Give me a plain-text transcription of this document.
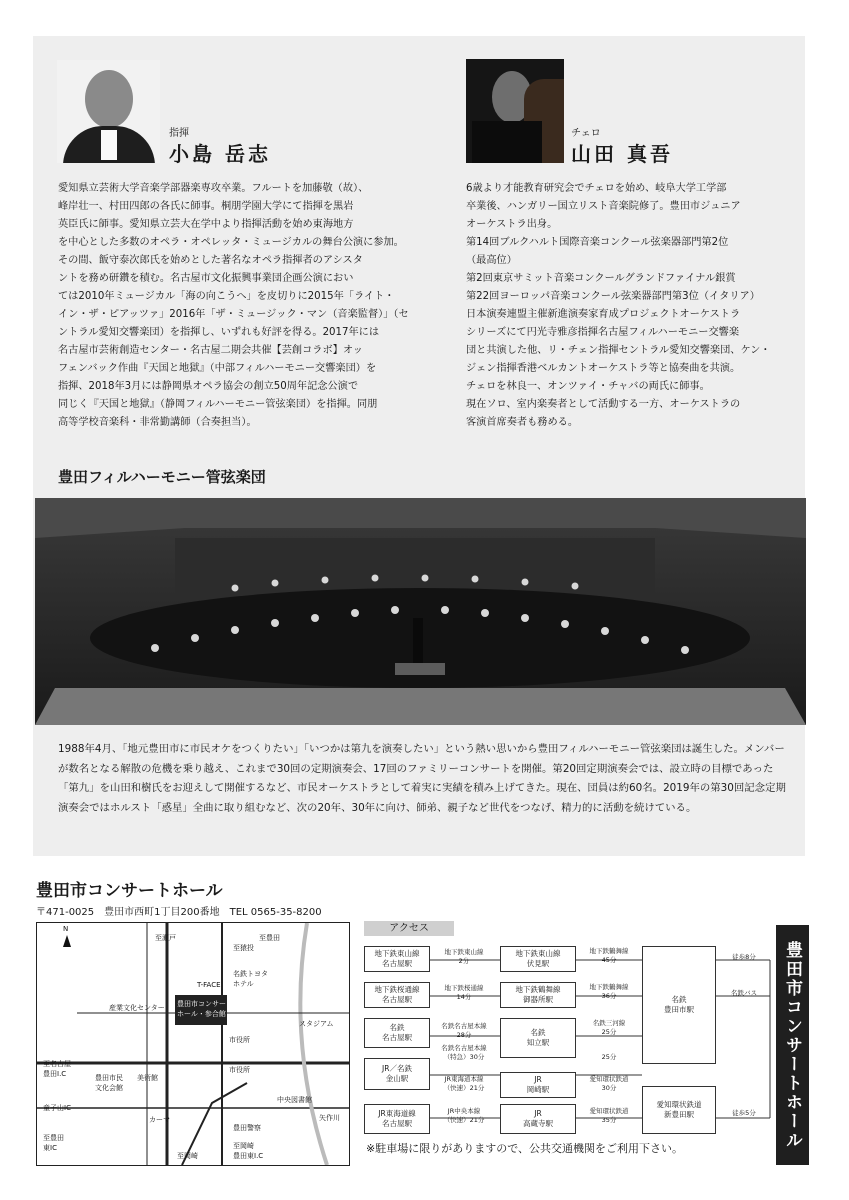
指揮
小島 岳志
チェロ
山田 真吾

愛知県立芸術大学音楽学部器楽専攻卒業。フルートを加藤敬（故）、

峰岸壮一、村田四郎の各氏に師事。桐朋学園大学にて指揮を黒岩

英臣氏に師事。愛知県立芸大在学中より指揮活動を始め東海地方

を中心とした多数のオペラ・オペレッタ・ミュージカルの舞台公演に参加。

その間、飯守泰次郎氏を始めとした著名なオペラ指揮者のアシスタ

ントを務め研鑽を積む。名古屋市文化振興事業団企画公演におい

ては2010年ミュージカル「海の向こうへ」を皮切りに2015年「ライト・

イン・ザ・ピアッツァ」2016年「ザ・ミュージック・マン（音楽監督）」（セ

ントラル愛知交響楽団）を指揮し、いずれも好評を得る。2017年には

名古屋市芸術創造センター・名古屋二期会共催【芸創コラボ】オッ

フェンバック作曲『天国と地獄』（中部フィルハーモニー交響楽団）を

指揮、2018年3月には静岡県オペラ協会の創立50周年記念公演で

同じく『天国と地獄』（静岡フィルハーモニー管弦楽団）を指揮。同朋

高等学校音楽科・非常勤講師（合奏担当）。

6歳より才能教育研究会でチェロを始め、岐阜大学工学部

卒業後、ハンガリー国立リスト音楽院修了。豊田市ジュニア

オーケストラ出身。

第14回ブルクハルト国際音楽コンクール弦楽器部門第2位

（最高位）

第2回東京サミット音楽コンクールグランドファイナル銀賞

第22回ヨーロッパ音楽コンクール弦楽器部門第3位（イタリア）

日本演奏連盟主催新進演奏家育成プロジェクトオーケストラ

シリーズにて円光寺雅彦指揮名古屋フィルハーモニー交響楽

団と共演した他、リ・チェン指揮セントラル愛知交響楽団、ケン・

ジェン指揮香港ベルカントオーケストラ等と協奏曲を共演。

チェロを林良一、オンツァイ・チャバの両氏に師事。

現在ソロ、室内楽奏者として活動する一方、オーケストラの

客演首席奏者も務める。

豊田フィルハーモニー管弦楽団

1988年4月、「地元豊田市に市民オケをつくりたい」「いつかは第九を演奏したい」という熱い思いから豊田フィルハーモニー管弦楽団は誕生した。メンバーが数名となる解散の危機を乗り越え、これまで30回の定期演奏会、17回のファミリーコンサートを開催。第20回定期演奏会では、設立時の目標であった「第九」を山田和樹氏をお迎えして開催するなど、市民オーケストラとして着実に実績を積み上げてきた。現在、団員は約60名。2019年の第30回記念定期演奏会ではホルスト「惑星」全曲に取り組むなど、次の20年、30年に向け、師弟、親子など世代をつなげ、精力的に活動を続けている。

豊田市コンサートホール
〒471-0025　豊田市西町1丁目200番地　TEL 0565-35-8200
N
至瀬戸	至豊田
至猿投
産業文化センター 豊田市コンサート
ホール・参合館
T-FACE
名鉄トヨタ
ホテル
スタジアム
市役所
美術館
豊田市民
文化会館
至名古屋
豊田I.C
童子山IC
至豊田
東IC
矢作川
豊田警察
カーマ
市役所
至岡崎
豊田東I.C
中央図書館
至岡崎
アクセス
地下鉄東山線
名古屋駅
地下鉄桜通線
名古屋駅
名鉄
名古屋駅
JR／名鉄
金山駅
JR東海道線
名古屋駅
地下鉄東山線
2分
地下鉄桜通線
14分
名鉄名古屋本線
28分
名鉄名古屋本線
（特急）30分
JR東海道本線
（快速）21分
JR中央本線
（快速）21分
地下鉄東山線
伏見駅
地下鉄鶴舞線
御器所駅
名鉄
知立駅
JR
岡崎駅
JR
高蔵寺駅
地下鉄鶴舞線
45分
地下鉄鶴舞線
36分
名鉄三河線
25分
25分
愛知環状鉄道
30分
愛知環状鉄道
35分
名鉄
豊田市駅
愛知環状鉄道
新豊田駅
徒歩8分
名鉄バス
徒歩5分	豊田市コンサートホール
※駐車場に限りがありますので、公共交通機関をご利用下さい。
